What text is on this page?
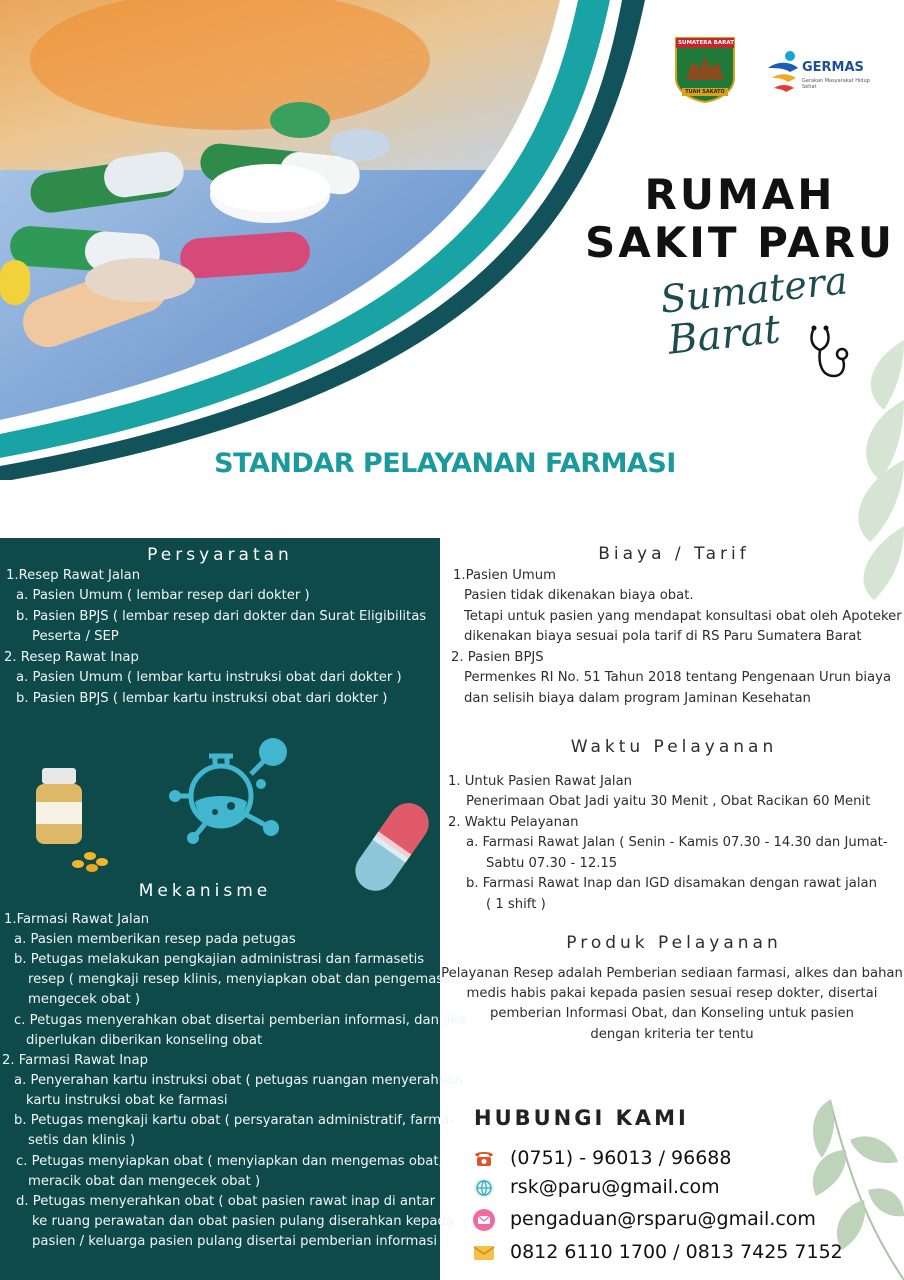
SUMATERA BARAT
TUAH SAKATO
GERMAS
Gerakan Masyarakat Hidup Sehat
RUMAH
SAKIT PARU
Sumatera
Barat
STANDAR PELAYANAN FARMASI
Persyaratan
1.Resep Rawat Jalan
a. Pasien Umum ( lembar resep dari dokter )
b. Pasien BPJS ( lembar resep dari dokter dan Surat Eligibilitas
Peserta / SEP
2. Resep Rawat Inap
a. Pasien Umum ( lembar kartu instruksi obat dari dokter )
b. Pasien BPJS ( lembar kartu instruksi obat dari dokter )
Mekanisme
1.Farmasi Rawat Jalan
a. Pasien memberikan resep pada petugas
b. Petugas melakukan pengkajian administrasi dan farmasetis
resep ( mengkaji resep klinis, menyiapkan obat dan pengemasan
mengecek obat )
c. Petugas menyerahkan obat disertai pemberian informasi, dan jika
diperlukan diberikan konseling obat
2. Farmasi Rawat Inap
a. Penyerahan kartu instruksi obat ( petugas ruangan menyerahkan
kartu instruksi obat ke farmasi
b. Petugas mengkaji kartu obat ( persyaratan administratif, farma-
setis dan klinis )
c. Petugas menyiapkan obat ( menyiapkan dan mengemas obat,
meracik obat dan mengecek obat )
d. Petugas menyerahkan obat ( obat pasien rawat inap di antar
ke ruang perawatan dan obat pasien pulang diserahkan kepada
pasien / keluarga pasien pulang disertai pemberian informasi
Biaya / Tarif
1.Pasien Umum
Pasien tidak dikenakan biaya obat.
Tetapi untuk pasien yang mendapat konsultasi obat oleh Apoteker
dikenakan biaya sesuai pola tarif di RS Paru Sumatera Barat
2. Pasien BPJS
Permenkes RI No. 51 Tahun 2018 tentang Pengenaan Urun biaya
dan selisih biaya dalam program Jaminan Kesehatan
Waktu Pelayanan
1. Untuk Pasien Rawat Jalan
Penerimaan Obat Jadi yaitu 30 Menit , Obat Racikan 60 Menit
2. Waktu Pelayanan
a. Farmasi Rawat Jalan ( Senin - Kamis 07.30 - 14.30 dan Jumat-
Sabtu 07.30 - 12.15
b. Farmasi Rawat Inap dan IGD disamakan dengan rawat jalan
( 1 shift )
Produk Pelayanan
Pelayanan Resep adalah Pemberian sediaan farmasi, alkes dan bahan
medis habis pakai kepada pasien sesuai resep dokter, disertai
pemberian Informasi Obat, dan Konseling untuk pasien
dengan kriteria ter tentu
HUBUNGI KAMI
(0751) - 96013 / 96688
rsk@paru@gmail.com
pengaduan@rsparu@gmail.com
0812 6110 1700 / 0813 7425 7152
